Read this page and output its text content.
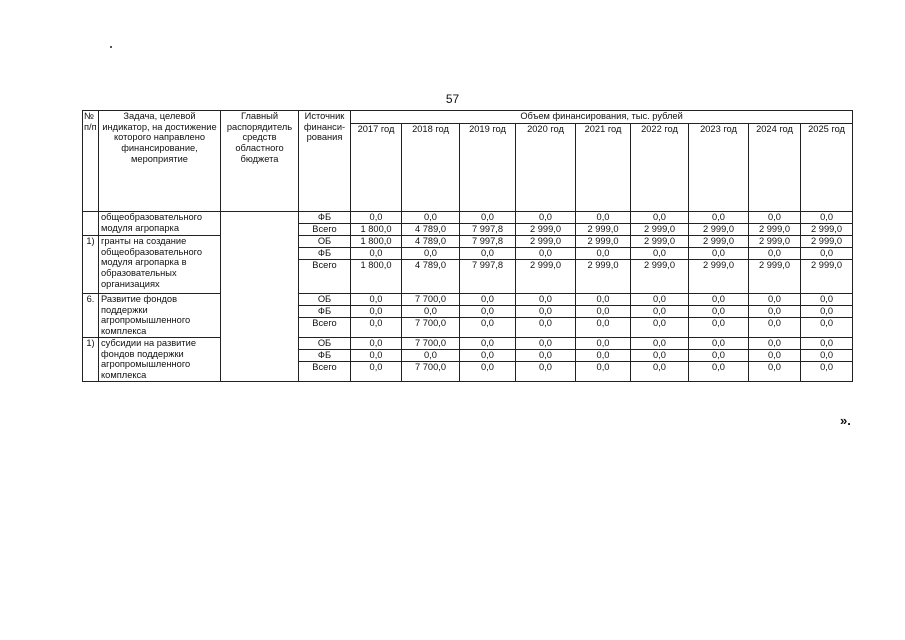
57
№ п/п	Задача, целевой индикатор, на достижение которого направлено финансирование, мероприятие	Главный распорядитель средств областного бюджета	Источник финанси-рования	Объем финансирования, тыс. рублей								
				2017 год	2018 год	2019 год	2020 год	2021 год	2022 год	2023 год	2024 год	2025 год
	общеобразовательного модуля агропарка		ФБ	0,0	0,0	0,0	0,0	0,0	0,0	0,0	0,0	0,0
			Всего	1 800,0	4 789,0	7 997,8	2 999,0	2 999,0	2 999,0	2 999,0	2 999,0	2 999,0
1)	гранты на создание общеобразовательного модуля агропарка в образовательных организациях		ОБ	1 800,0	4 789,0	7 997,8	2 999,0	2 999,0	2 999,0	2 999,0	2 999,0	2 999,0
			ФБ	0,0	0,0	0,0	0,0	0,0	0,0	0,0	0,0	0,0
			Всего	1 800,0	4 789,0	7 997,8	2 999,0	2 999,0	2 999,0	2 999,0	2 999,0	2 999,0
6.	Развитие фондов поддержки агропромышленного комплекса		ОБ	0,0	7 700,0	0,0	0,0	0,0	0,0	0,0	0,0	0,0
			ФБ	0,0	0,0	0,0	0,0	0,0	0,0	0,0	0,0	0,0
			Всего	0,0	7 700,0	0,0	0,0	0,0	0,0	0,0	0,0	0,0
1)	субсидии на развитие фондов поддержки агропромышленного комплекса		ОБ	0,0	7 700,0	0,0	0,0	0,0	0,0	0,0	0,0	0,0
			ФБ	0,0	0,0	0,0	0,0	0,0	0,0	0,0	0,0	0,0
			Всего	0,0	7 700,0	0,0	0,0	0,0	0,0	0,0	0,0	0,0
».
